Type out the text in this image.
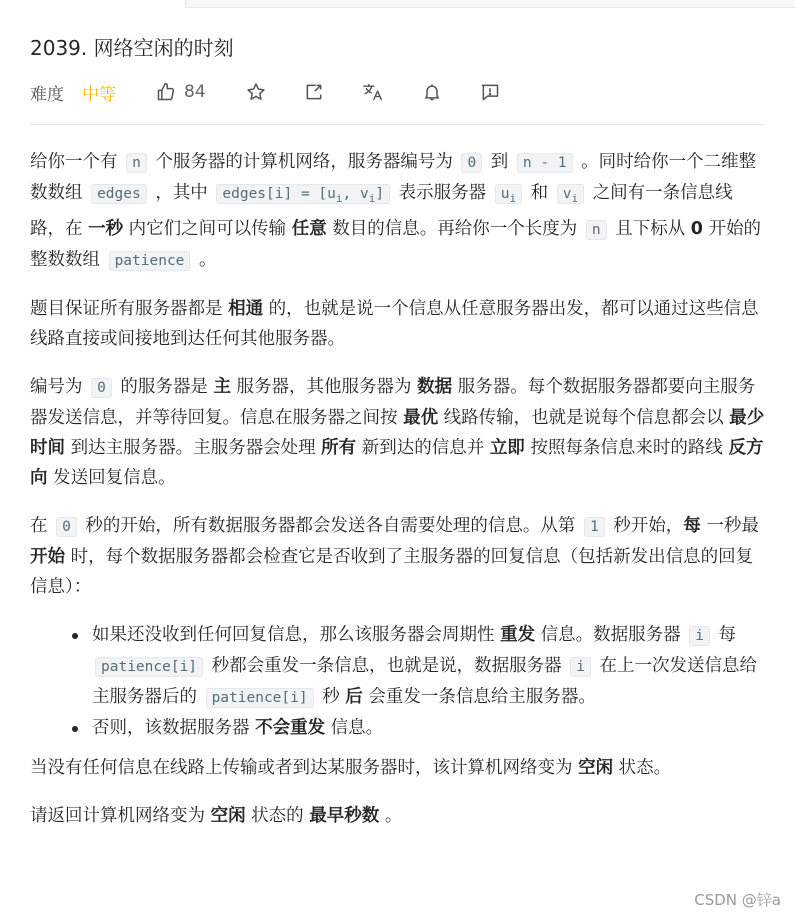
2039. 网络空闲的时刻
难度 中等	84

给你一个有 n 个服务器的计算机网络，服务器编号为 0 到 n - 1 。同时给你一个二维整数数组 edges ，其中 edges[i] = [$u_i$, $v_i$] 表示服务器 $u_i$ 和 $v_i$ 之间有一条信息线路，在 一秒 内它们之间可以传输 任意 数目的信息。再给你一个长度为 n 且下标从 0 开始的整数数组 patience 。

题目保证所有服务器都是 相通 的，也就是说一个信息从任意服务器出发，都可以通过这些信息线路直接或间接地到达任何其他服务器。

编号为 0 的服务器是 主 服务器，其他服务器为 数据 服务器。每个数据服务器都要向主服务器发送信息，并等待回复。信息在服务器之间按 最优 线路传输，也就是说每个信息都会以 最少时间 到达主服务器。主服务器会处理 所有 新到达的信息并 立即 按照每条信息来时的路线 反方向 发送回复信息。

在 0 秒的开始，所有数据服务器都会发送各自需要处理的信息。从第 1 秒开始，每 一秒最 开始 时，每个数据服务器都会检查它是否收到了主服务器的回复信息（包括新发出信息的回复信息）：

如果还没收到任何回复信息，那么该服务器会周期性 重发 信息。数据服务器 i 每 patience[i] 秒都会重发一条信息，也就是说，数据服务器 i 在上一次发送信息给主服务器后的 patience[i] 秒 后 会重发一条信息给主服务器。
否则，该数据服务器 不会重发 信息。

当没有任何信息在线路上传输或者到达某服务器时，该计算机网络变为 空闲 状态。

请返回计算机网络变为 空闲 状态的 最早秒数 。

CSDN @锌a
